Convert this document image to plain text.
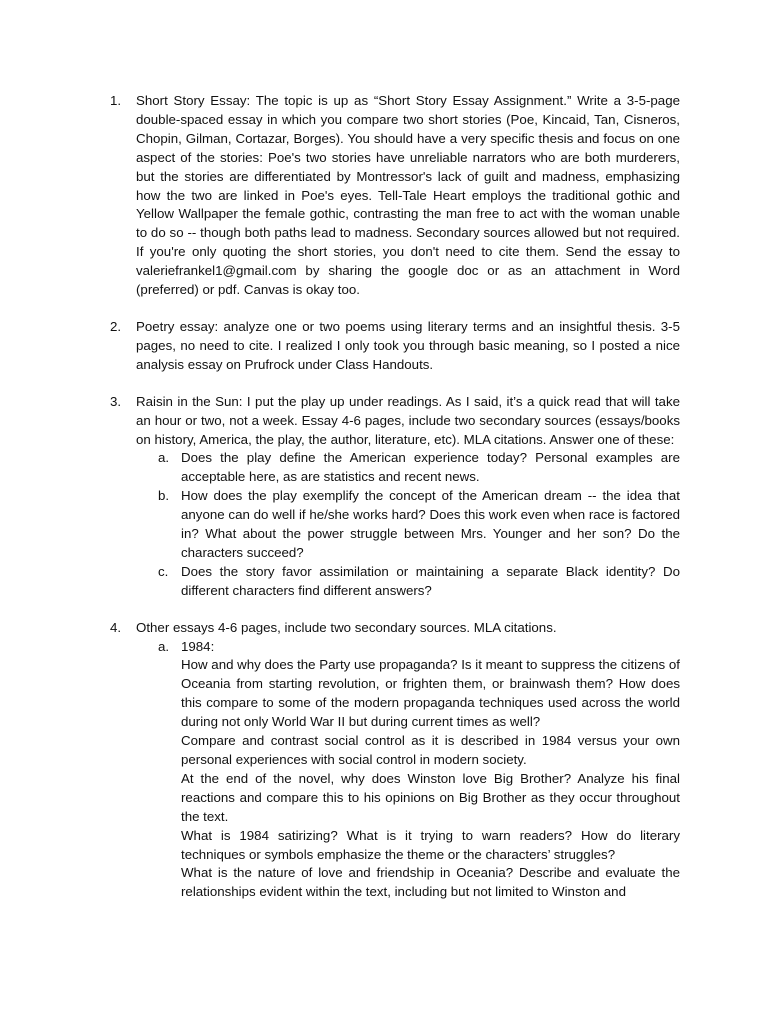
1. Short Story Essay: The topic is up as “Short Story Essay Assignment.” Write a 3-5-page double-spaced essay in which you compare two short stories (Poe, Kincaid, Tan, Cisneros, Chopin, Gilman, Cortazar, Borges). You should have a very specific thesis and focus on one aspect of the stories: Poe's two stories have unreliable narrators who are both murderers, but the stories are differentiated by Montressor's lack of guilt and madness, emphasizing how the two are linked in Poe's eyes. Tell-Tale Heart employs the traditional gothic and Yellow Wallpaper the female gothic, contrasting the man free to act with the woman unable to do so -- though both paths lead to madness. Secondary sources allowed but not required. If you're only quoting the short stories, you don't need to cite them. Send the essay to valeriefrankel1@gmail.com by sharing the google doc or as an attachment in Word (preferred) or pdf. Canvas is okay too.
2. Poetry essay: analyze one or two poems using literary terms and an insightful thesis. 3-5 pages, no need to cite. I realized I only took you through basic meaning, so I posted a nice analysis essay on Prufrock under Class Handouts.
3. Raisin in the Sun: I put the play up under readings. As I said, it’s a quick read that will take an hour or two, not a week. Essay 4-6 pages, include two secondary sources (essays/books on history, America, the play, the author, literature, etc). MLA citations. Answer one of these:
a. Does the play define the American experience today? Personal examples are acceptable here, as are statistics and recent news.
b. How does the play exemplify the concept of the American dream -- the idea that anyone can do well if he/she works hard? Does this work even when race is factored in? What about the power struggle between Mrs. Younger and her son? Do the characters succeed?
c. Does the story favor assimilation or maintaining a separate Black identity? Do different characters find different answers?
4. Other essays 4-6 pages, include two secondary sources. MLA citations.
a. 1984:

How and why does the Party use propaganda? Is it meant to suppress the citizens of Oceania from starting revolution, or frighten them, or brainwash them? How does this compare to some of the modern propaganda techniques used across the world during not only World War II but during current times as well?

Compare and contrast social control as it is described in 1984 versus your own personal experiences with social control in modern society.

At the end of the novel, why does Winston love Big Brother? Analyze his final reactions and compare this to his opinions on Big Brother as they occur throughout the text.

What is 1984 satirizing? What is it trying to warn readers? How do literary techniques or symbols emphasize the theme or the characters’ struggles?

What is the nature of love and friendship in Oceania? Describe and evaluate the relationships evident within the text, including but not limited to Winston and
